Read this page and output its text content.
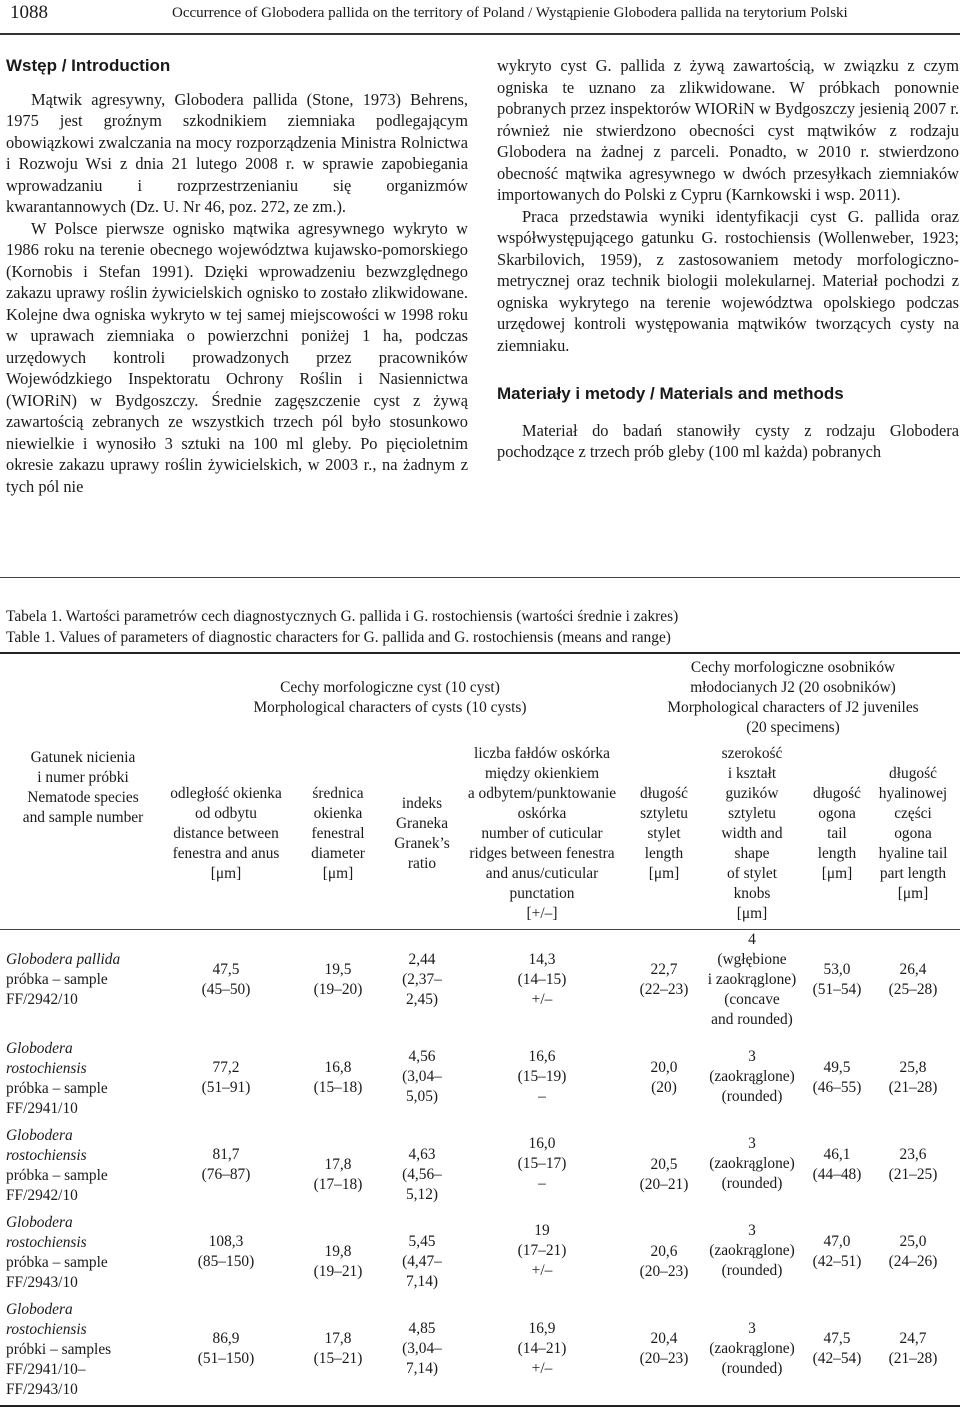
1088	Occurrence of Globodera pallida on the territory of Poland / Wystąpienie Globodera pallida na terytorium Polski
Wstęp / Introduction

Mątwik agresywny, Globodera pallida (Stone, 1973) Behrens, 1975 jest groźnym szkodnikiem ziemniaka podlegającym obowiązkowi zwalczania na mocy rozporządzenia Ministra Rolnictwa i Rozwoju Wsi z dnia 21 lutego 2008 r. w sprawie zapobiegania wprowadzaniu i rozprzestrzenianiu się organizmów kwarantannowych (Dz. U. Nr 46, poz. 272, ze zm.).

W Polsce pierwsze ognisko mątwika agresywnego wykryto w 1986 roku na terenie obecnego województwa kujawsko-pomorskiego (Kornobis i Stefan 1991). Dzięki wprowadzeniu bezwzględnego zakazu uprawy roślin żywicielskich ognisko to zostało zlikwidowane. Kolejne dwa ogniska wykryto w tej samej miejscowości w 1998 roku w uprawach ziemniaka o powierzchni poniżej 1 ha, podczas urzędowych kontroli prowadzonych przez pracowników Wojewódzkiego Inspektoratu Ochrony Roślin i Nasiennictwa (WIORiN) w Bydgoszczy. Średnie zagęszczenie cyst z żywą zawartością zebranych ze wszystkich trzech pól było stosunkowo niewielkie i wynosiło 3 sztuki na 100 ml gleby. Po pięcioletnim okresie zakazu uprawy roślin żywicielskich, w 2003 r., na żadnym z tych pól nie

wykryto cyst G. pallida z żywą zawartością, w związku z czym ogniska te uznano za zlikwidowane. W próbkach ponownie pobranych przez inspektorów WIORiN w Bydgoszczy jesienią 2007 r. również nie stwierdzono obecności cyst mątwików z rodzaju Globodera na żadnej z parceli. Ponadto, w 2010 r. stwierdzono obecność mątwika agresywnego w dwóch przesyłkach ziemniaków importowanych do Polski z Cypru (Karnkowski i wsp. 2011).

Praca przedstawia wyniki identyfikacji cyst G. pallida oraz współwystępującego gatunku G. rostochiensis (Wollenweber, 1923; Skarbilovich, 1959), z zastosowaniem metody morfologiczno-metrycznej oraz technik biologii molekularnej. Materiał pochodzi z ogniska wykrytego na terenie województwa opolskiego podczas urzędowej kontroli występowania mątwików tworzących cysty na ziemniaku.

Materiały i metody / Materials and methods

Materiał do badań stanowiły cysty z rodzaju Globodera pochodzące z trzech prób gleby (100 ml każda) pobranych

Tabela 1. Wartości parametrów cech diagnostycznych G. pallida i G. rostochiensis (wartości średnie i zakres)
Table 1. Values of parameters of diagnostic characters for G. pallida and G. rostochiensis (means and range)
Cechy morfologiczne cyst (10 cyst)
Morphological characters of cysts (10 cysts)
Cechy morfologiczne osobników
młodocianych J2 (20 osobników)
Morphological characters of J2 juveniles
(20 specimens)
Gatunek nicienia
i numer próbki
Nematode species
and sample number
odległość okienka
od odbytu
distance between
fenestra and anus
[μm]
średnica
okienka
fenestral
diameter
[μm]
indeks
Graneka
Granek’s
ratio
liczba fałdów oskórka
między okienkiem
a odbytem/punktowanie
oskórka
number of cuticular
ridges between fenestra
and anus/cuticular
punctation
[+/–]
długość
sztyletu
stylet
length
[μm]
szerokość
i kształt
guzików
sztyletu
width and
shape
of stylet
knobs
[μm]
długość
ogona
tail
length
[μm]
długość
hyalinowej
części
ogona
hyaline tail
part length
[μm]
Globodera pallida
próbka – sample
FF/2942/10
47,5
(45–50)
19,5
(19–20)
2,44
(2,37–
2,45)
14,3
(14–15)
+/–
22,7
(22–23)
4
(wgłębione
i zaokrąglone)
(concave
and rounded)
53,0
(51–54)
26,4
(25–28)
Globodera
rostochiensis
próbka – sample
FF/2941/10
77,2
(51–91)
16,8
(15–18)
4,56
(3,04–
5,05)
16,6
(15–19)
–
20,0
(20)
3
(zaokrąglone)
(rounded)
49,5
(46–55)
25,8
(21–28)
Globodera
rostochiensis
próbka – sample
FF/2942/10
81,7
(76–87)
17,8
(17–18)
4,63
(4,56–
5,12)
16,0
(15–17)
–
20,5
(20–21)
3
(zaokrąglone)
(rounded)
46,1
(44–48)
23,6
(21–25)
Globodera
rostochiensis
próbka – sample
FF/2943/10
108,3
(85–150)
19,8
(19–21)
5,45
(4,47–
7,14)
19
(17–21)
+/–
20,6
(20–23)
3
(zaokrąglone)
(rounded)
47,0
(42–51)
25,0
(24–26)
Globodera
rostochiensis
próbki – samples
FF/2941/10–
FF/2943/10
86,9
(51–150)
17,8
(15–21)
4,85
(3,04–
7,14)
16,9
(14–21)
+/–
20,4
(20–23)
3
(zaokrąglone)
(rounded)
47,5
(42–54)
24,7
(21–28)
